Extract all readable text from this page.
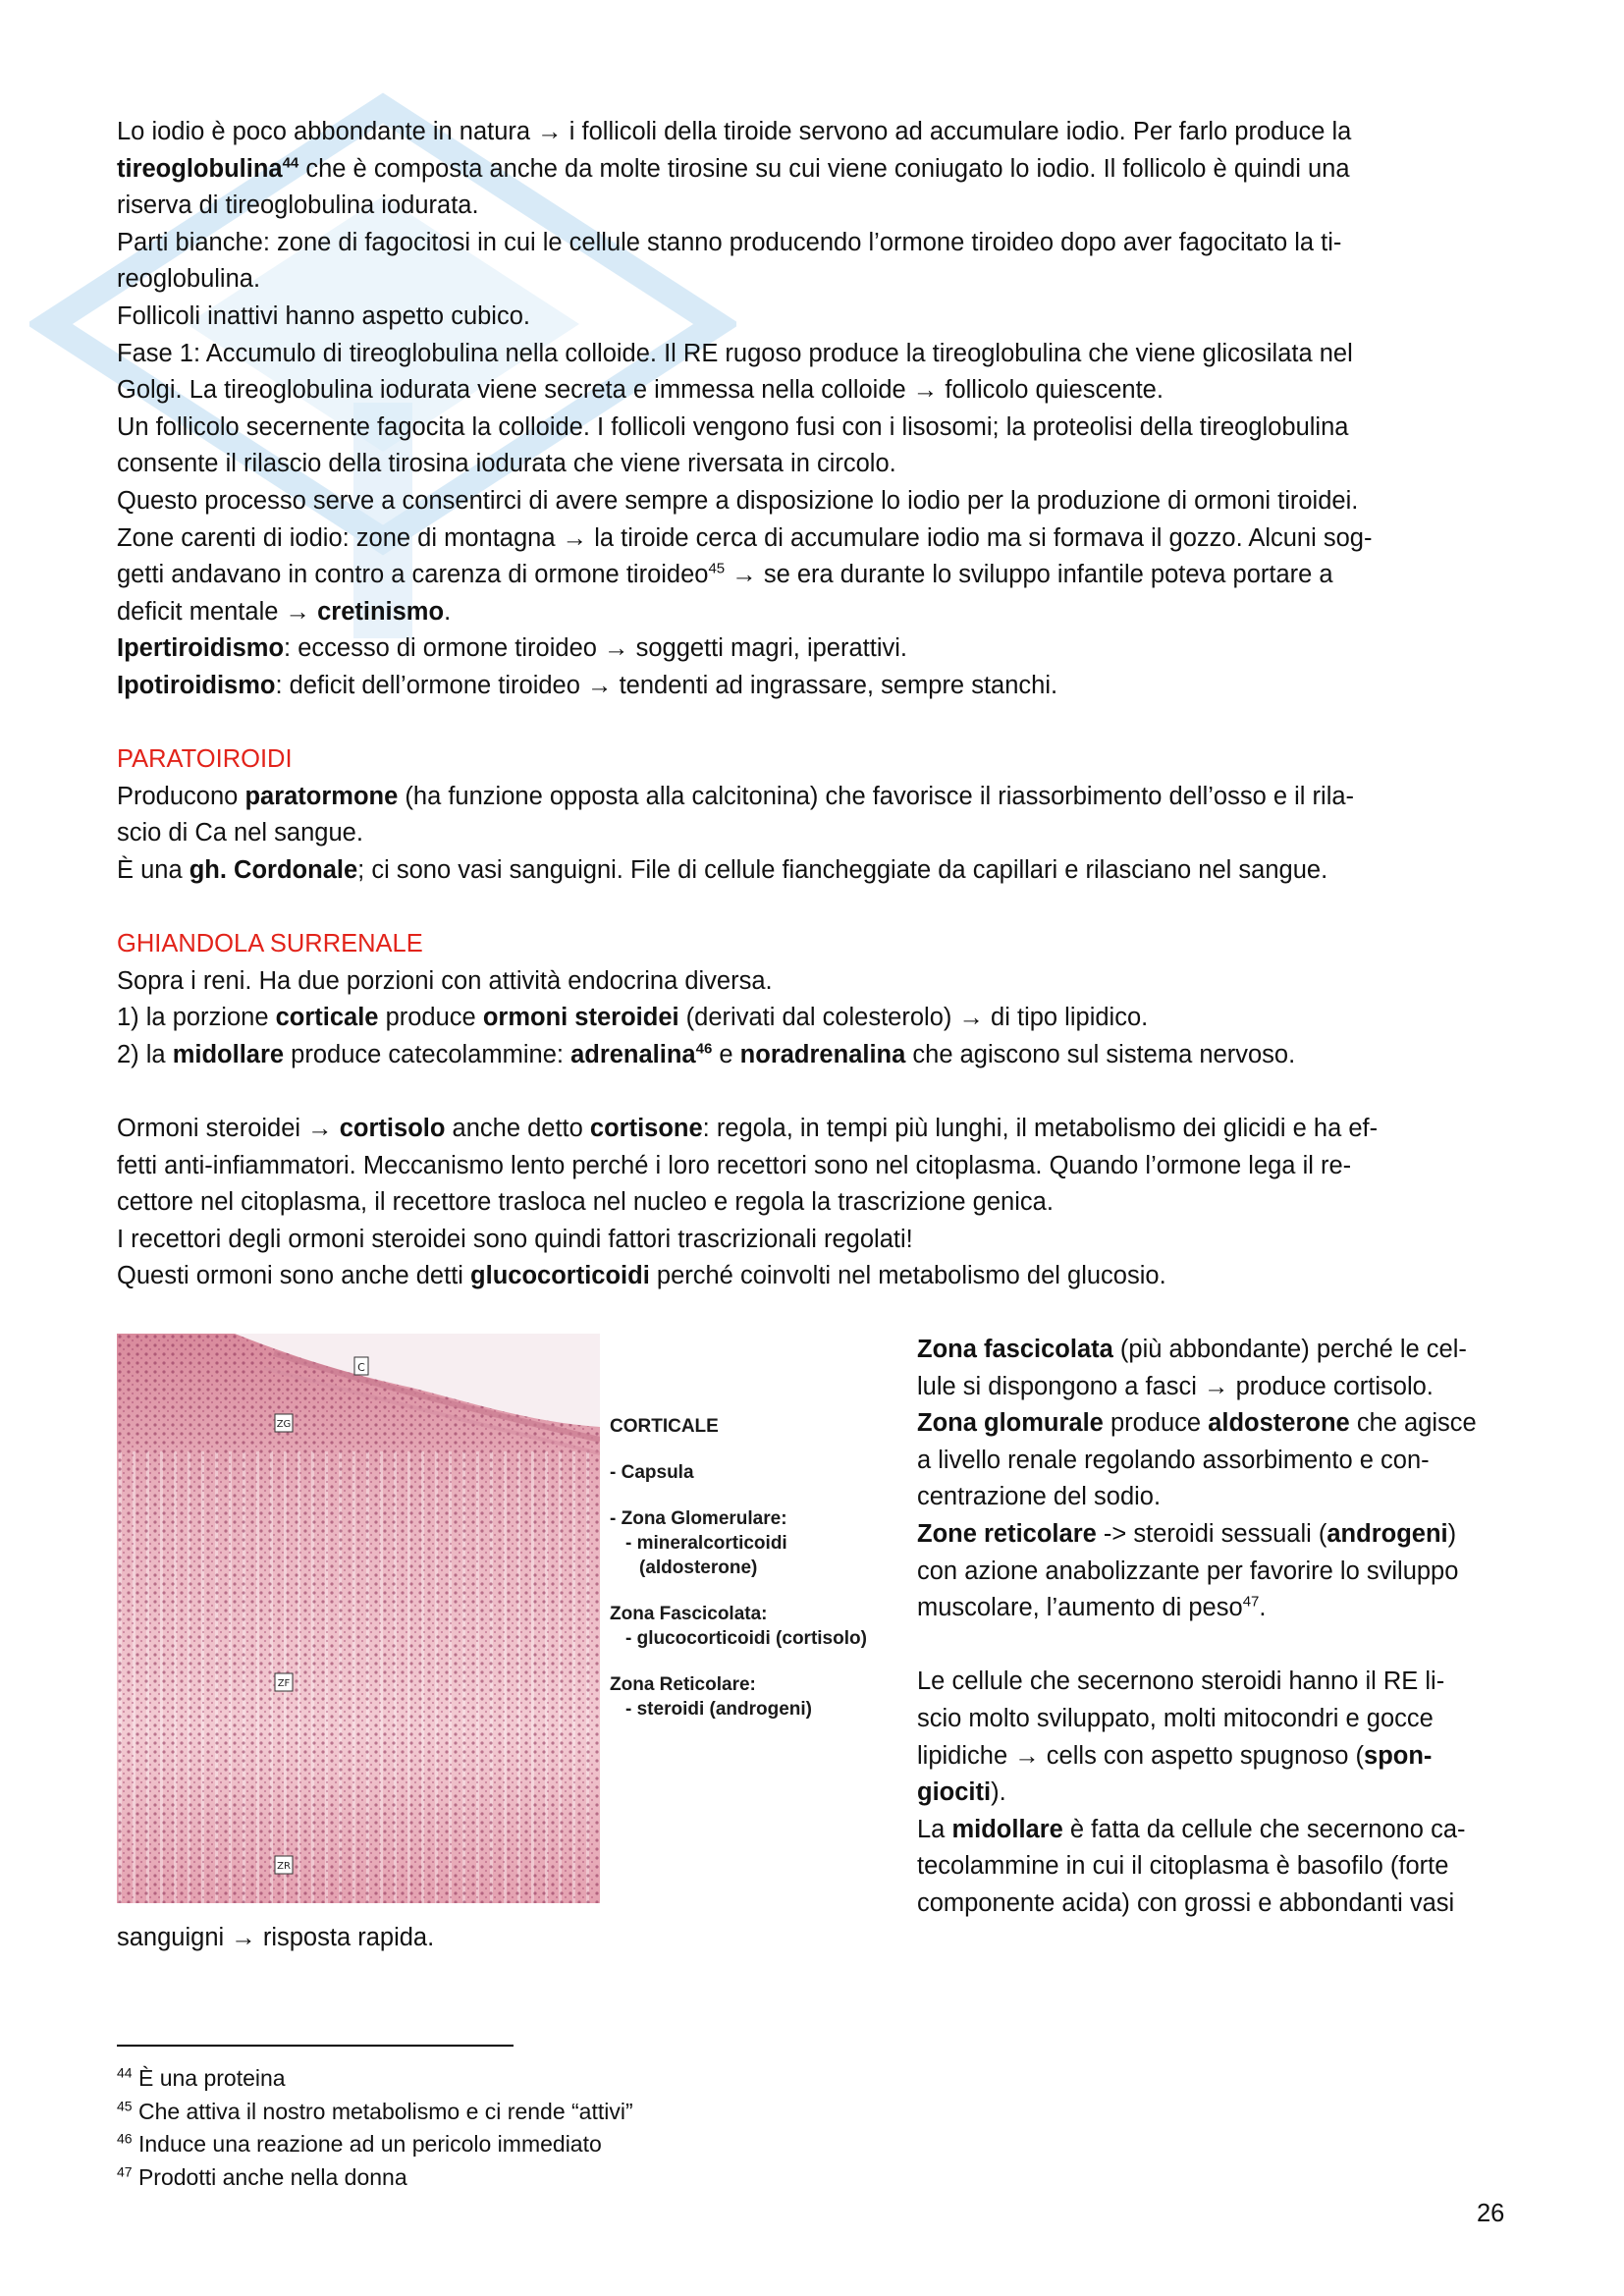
Lo iodio è poco abbondante in natura → i follicoli della tiroide servono ad accumulare iodio. Per farlo produce la

tireoglobulina$^{44}$ che è composta anche da molte tirosine su cui viene coniugato lo iodio. Il follicolo è quindi una

riserva di tireoglobulina iodurata.

Parti bianche: zone di fagocitosi in cui le cellule stanno producendo l’ormone tiroideo dopo aver fagocitato la ti-

reoglobulina.

Follicoli inattivi hanno aspetto cubico.

Fase 1: Accumulo di tireoglobulina nella colloide. Il RE rugoso produce la tireoglobulina che viene glicosilata nel

Golgi. La tireoglobulina iodurata viene secreta e immessa nella colloide → follicolo quiescente.

Un follicolo secernente fagocita la colloide. I follicoli vengono fusi con i lisosomi; la proteolisi della tireoglobulina

consente il rilascio della tirosina iodurata che viene riversata in circolo.

Questo processo serve a consentirci di avere sempre a disposizione lo iodio per la produzione di ormoni tiroidei.

Zone carenti di iodio: zone di montagna → la tiroide cerca di accumulare iodio ma si formava il gozzo. Alcuni sog-

getti andavano in contro a carenza di ormone tiroideo$^{45}$ → se era durante lo sviluppo infantile poteva portare a

deficit mentale → cretinismo.

Ipertiroidismo: eccesso di ormone tiroideo → soggetti magri, iperattivi.

Ipotiroidismo: deficit dell’ormone tiroideo → tendenti ad ingrassare, sempre stanchi.

PARATOIROIDI

Producono paratormone (ha funzione opposta alla calcitonina) che favorisce il riassorbimento dell’osso e il rila-

scio di Ca nel sangue.

È una gh. Cordonale; ci sono vasi sanguigni. File di cellule fiancheggiate da capillari e rilasciano nel sangue.

GHIANDOLA SURRENALE

Sopra i reni. Ha due porzioni con attività endocrina diversa.

1) la porzione corticale produce ormoni steroidei (derivati dal colesterolo) → di tipo lipidico.

2) la midollare produce catecolammine: adrenalina$^{46}$ e noradrenalina che agiscono sul sistema nervoso.

Ormoni steroidei → cortisolo anche detto cortisone: regola, in tempi più lunghi, il metabolismo dei glicidi e ha ef-

fetti anti-infiammatori. Meccanismo lento perché i loro recettori sono nel citoplasma. Quando l’ormone lega il re-

cettore nel citoplasma, il recettore trasloca nel nucleo e regola la trascrizione genica.

I recettori degli ormoni steroidei sono quindi fattori trascrizionali regolati!

Questi ormoni sono anche detti glucocorticoidi perché coinvolti nel metabolismo del glucosio.

C
ZG
ZF
ZR

CORTICALE

- Capsula

- Zona Glomerulare:

- mineralcorticoidi

(aldosterone)

Zona Fascicolata:

- glucocorticoidi (cortisolo)

Zona Reticolare:

- steroidi (androgeni)

Zona fascicolata (più abbondante) perché le cel-

lule si dispongono a fasci → produce cortisolo.

Zona glomurale produce aldosterone che agisce

a livello renale regolando assorbimento e con-

centrazione del sodio.

Zone reticolare -> steroidi sessuali (androgeni)

con azione anabolizzante per favorire lo sviluppo

muscolare, l’aumento di peso$^{47}$.

Le cellule che secernono steroidi hanno il RE li-

scio molto sviluppato, molti mitocondri e gocce

lipidiche → cells con aspetto spugnoso (spon-

giociti).

La midollare è fatta da cellule che secernono ca-

tecolammine in cui il citoplasma è basofilo (forte

componente acida) con grossi e abbondanti vasi

sanguigni → risposta rapida.

$^{44}$ È una proteina

$^{45}$ Che attiva il nostro metabolismo e ci rende “attivi”

$^{46}$ Induce una reazione ad un pericolo immediato

$^{47}$ Prodotti anche nella donna

26
